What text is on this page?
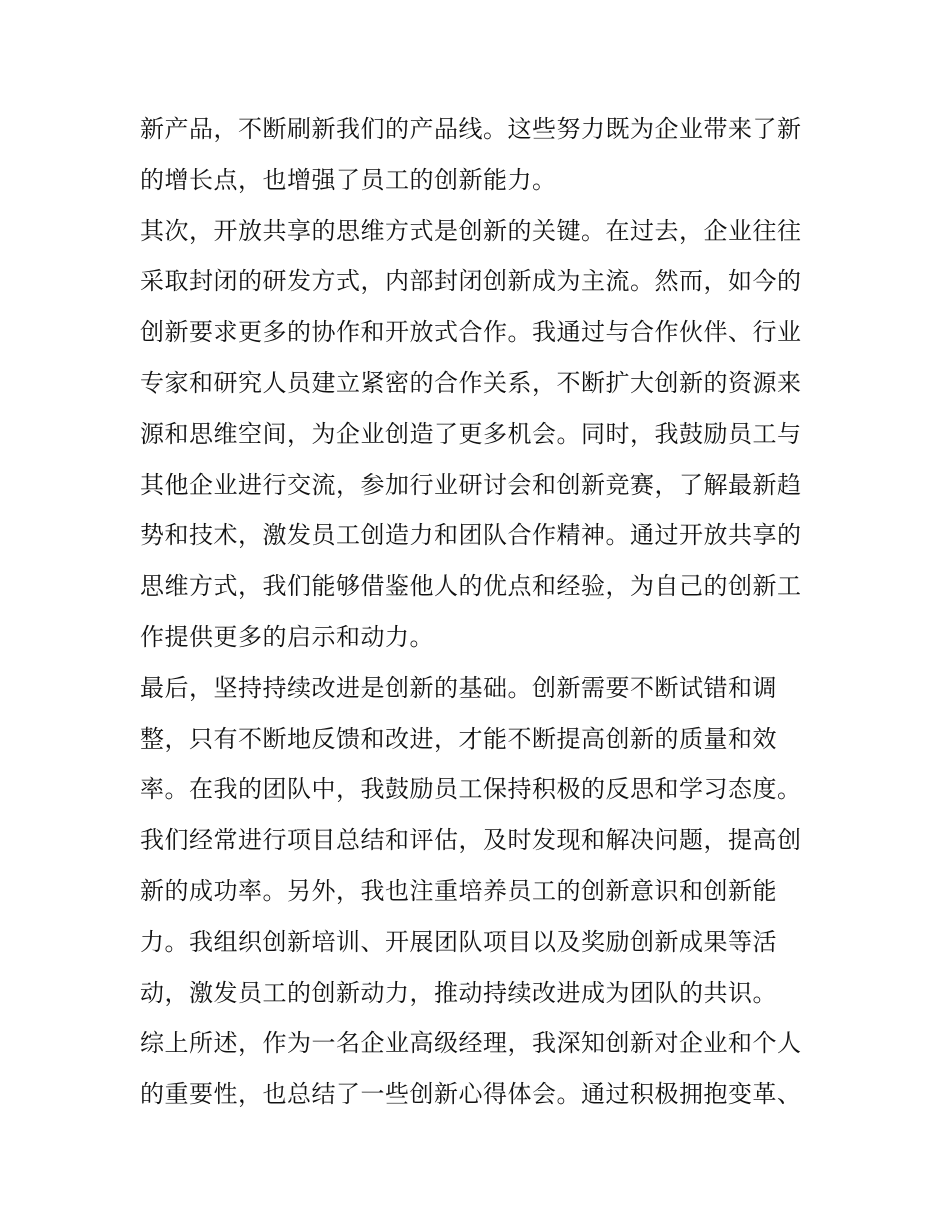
新产品，不断刷新我们的产品线。这些努力既为企业带来了新
的增长点，也增强了员工的创新能力。
其次，开放共享的思维方式是创新的关键。在过去，企业往往
采取封闭的研发方式，内部封闭创新成为主流。然而，如今的
创新要求更多的协作和开放式合作。我通过与合作伙伴、行业
专家和研究人员建立紧密的合作关系，不断扩大创新的资源来
源和思维空间，为企业创造了更多机会。同时，我鼓励员工与
其他企业进行交流，参加行业研讨会和创新竞赛，了解最新趋
势和技术，激发员工创造力和团队合作精神。通过开放共享的
思维方式，我们能够借鉴他人的优点和经验，为自己的创新工
作提供更多的启示和动力。
最后，坚持持续改进是创新的基础。创新需要不断试错和调
整，只有不断地反馈和改进，才能不断提高创新的质量和效
率。在我的团队中，我鼓励员工保持积极的反思和学习态度。
我们经常进行项目总结和评估，及时发现和解决问题，提高创
新的成功率。另外，我也注重培养员工的创新意识和创新能
力。我组织创新培训、开展团队项目以及奖励创新成果等活
动，激发员工的创新动力，推动持续改进成为团队的共识。
综上所述，作为一名企业高级经理，我深知创新对企业和个人
的重要性，也总结了一些创新心得体会。通过积极拥抱变革、
